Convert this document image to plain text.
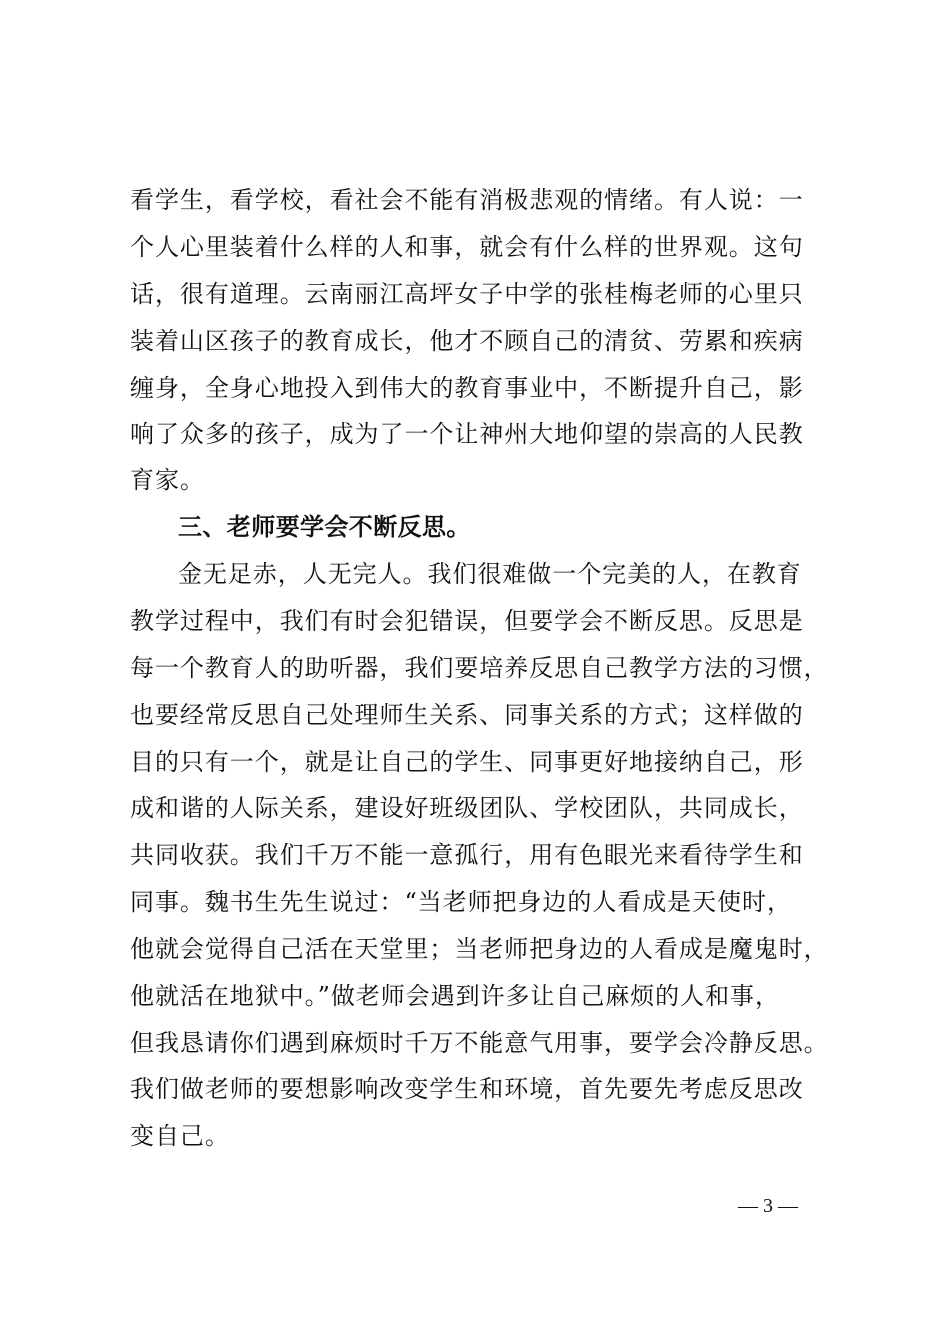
看学生，看学校，看社会不能有消极悲观的情绪。有人说：一
个人心里装着什么样的人和事，就会有什么样的世界观。这句
话，很有道理。云南丽江高坪女子中学的张桂梅老师的心里只
装着山区孩子的教育成长，他才不顾自己的清贫、劳累和疾病
缠身，全身心地投入到伟大的教育事业中，不断提升自己，影
响了众多的孩子，成为了一个让神州大地仰望的崇高的人民教
育家。
三、老师要学会不断反思。
金无足赤，人无完人。我们很难做一个完美的人，在教育
教学过程中，我们有时会犯错误，但要学会不断反思。反思是
每一个教育人的助听器，我们要培养反思自己教学方法的习惯，
也要经常反思自己处理师生关系、同事关系的方式；这样做的
目的只有一个，就是让自己的学生、同事更好地接纳自己，形
成和谐的人际关系，建设好班级团队、学校团队，共同成长，
共同收获。我们千万不能一意孤行，用有色眼光来看待学生和
同事。魏书生先生说过：“当老师把身边的人看成是天使时，
他就会觉得自己活在天堂里；当老师把身边的人看成是魔鬼时，
他就活在地狱中。”做老师会遇到许多让自己麻烦的人和事，
但我恳请你们遇到麻烦时千万不能意气用事，要学会冷静反思。
我们做老师的要想影响改变学生和环境，首先要先考虑反思改
变自己。
— 3 —
